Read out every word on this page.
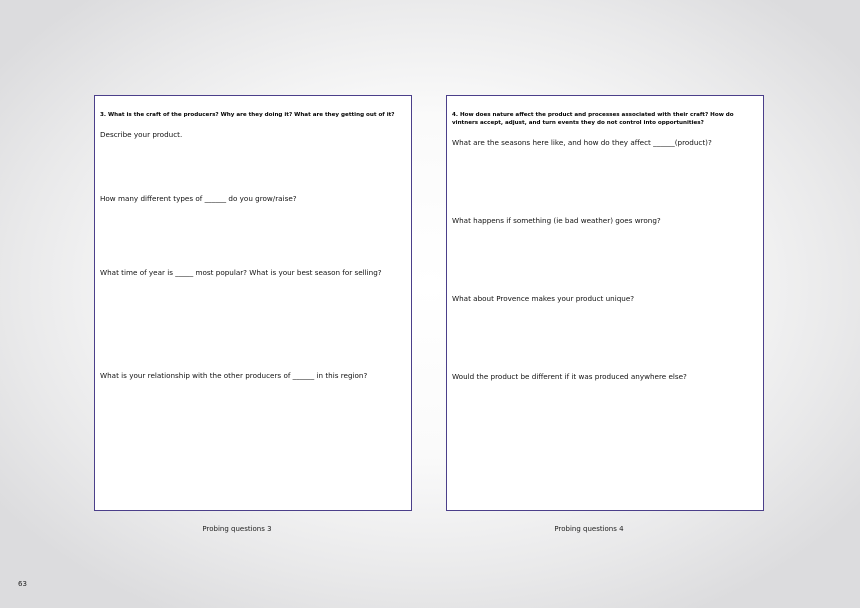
3. What is the craft of the producers? Why are they doing it? What are they getting out of it?
Describe your product.
How many different types of ______ do you grow/raise?
What time of year is _____ most popular? What is your best season for selling?
What is your relationship with the other producers of ______ in this region?
4. How does nature affect the product and processes associated with their craft? How do vintners accept, adjust, and turn events they do not control into opportunities?
What are the seasons here like, and how do they affect ______(product)?
What happens if something (ie bad weather) goes wrong?
What about Provence makes your product unique?
Would the product be different if it was produced anywhere else?
Probing questions 3	Probing questions 4
63
